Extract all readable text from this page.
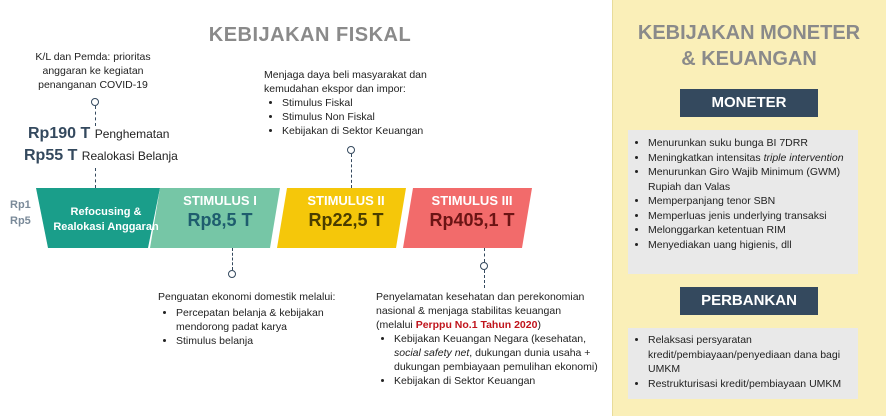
KEBIJAKAN FISKAL
K/L dan Pemda: prioritas anggaran ke kegiatan penanganan COVID-19
Rp190 T Penghematan
Rp55 T Realokasi Belanja
Rp1
Rp5
Refocusing &
Realokasi Anggaran
STIMULUS I
Rp8,5 T
STIMULUS II
Rp22,5 T
STIMULUS III
Rp405,1 T
Menjaga daya beli masyarakat dan kemudahan ekspor dan impor:
• Stimulus Fiskal
• Stimulus Non Fiskal
• Kebijakan di Sektor Keuangan
Penguatan ekonomi domestik melalui:
• Percepatan belanja & kebijakan mendorong padat karya
• Stimulus belanja
Penyelamatan kesehatan dan perekonomian nasional & menjaga stabilitas keuangan
(melalui Perppu No.1 Tahun 2020)
• Kebijakan Keuangan Negara (kesehatan, social safety net, dukungan dunia usaha + dukungan pembiayaan pemulihan ekonomi)
• Kebijakan di Sektor Keuangan
KEBIJAKAN MONETER
& KEUANGAN
MONETER
• Menurunkan suku bunga BI 7DRR
• Meningkatkan intensitas triple intervention
• Menurunkan Giro Wajib Minimum (GWM) Rupiah dan Valas
• Memperpanjang tenor SBN
• Memperluas jenis underlying transaksi
• Melonggarkan ketentuan RIM
• Menyediakan uang higienis, dll
PERBANKAN
• Relaksasi persyaratan kredit/pembiayaan/penyediaan dana bagi UMKM
• Restrukturisasi kredit/pembiayaan UMKM
